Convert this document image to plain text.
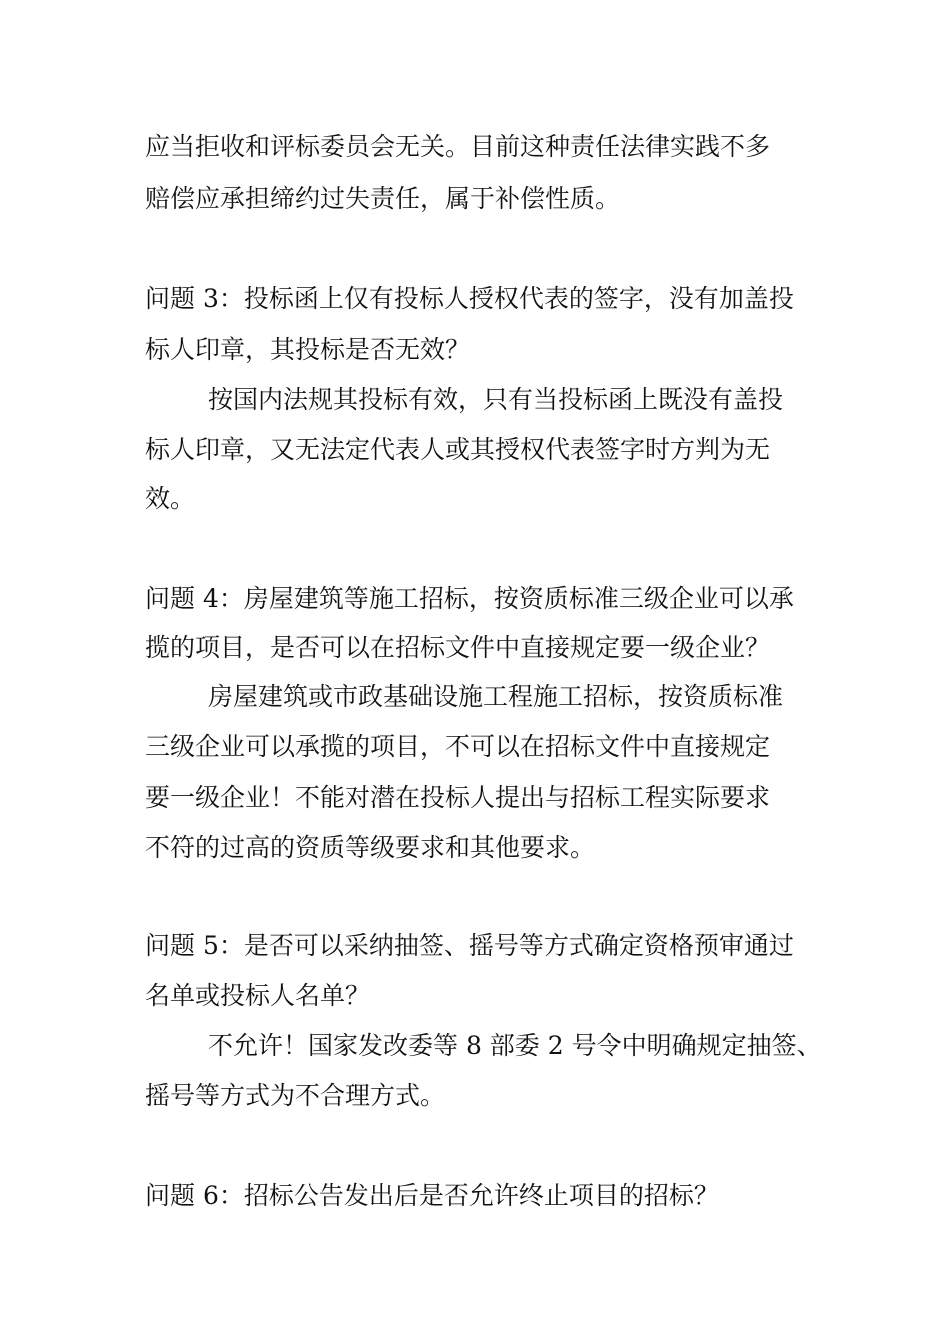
应当拒收和评标委员会无关。目前这种责任法律实践不多

赔偿应承担缔约过失责任，属于补偿性质。

问题 3：投标函上仅有投标人授权代表的签字，没有加盖投

标人印章，其投标是否无效？

按国内法规其投标有效，只有当投标函上既没有盖投

标人印章，又无法定代表人或其授权代表签字时方判为无

效。

问题 4：房屋建筑等施工招标，按资质标准三级企业可以承

揽的项目，是否可以在招标文件中直接规定要一级企业？

房屋建筑或市政基础设施工程施工招标，按资质标准

三级企业可以承揽的项目，不可以在招标文件中直接规定

要一级企业！不能对潜在投标人提出与招标工程实际要求

不符的过高的资质等级要求和其他要求。

问题 5：是否可以采纳抽签、摇号等方式确定资格预审通过

名单或投标人名单？

不允许！国家发改委等 8 部委 2 号令中明确规定抽签、

摇号等方式为不合理方式。

问题 6：招标公告发出后是否允许终止项目的招标？
